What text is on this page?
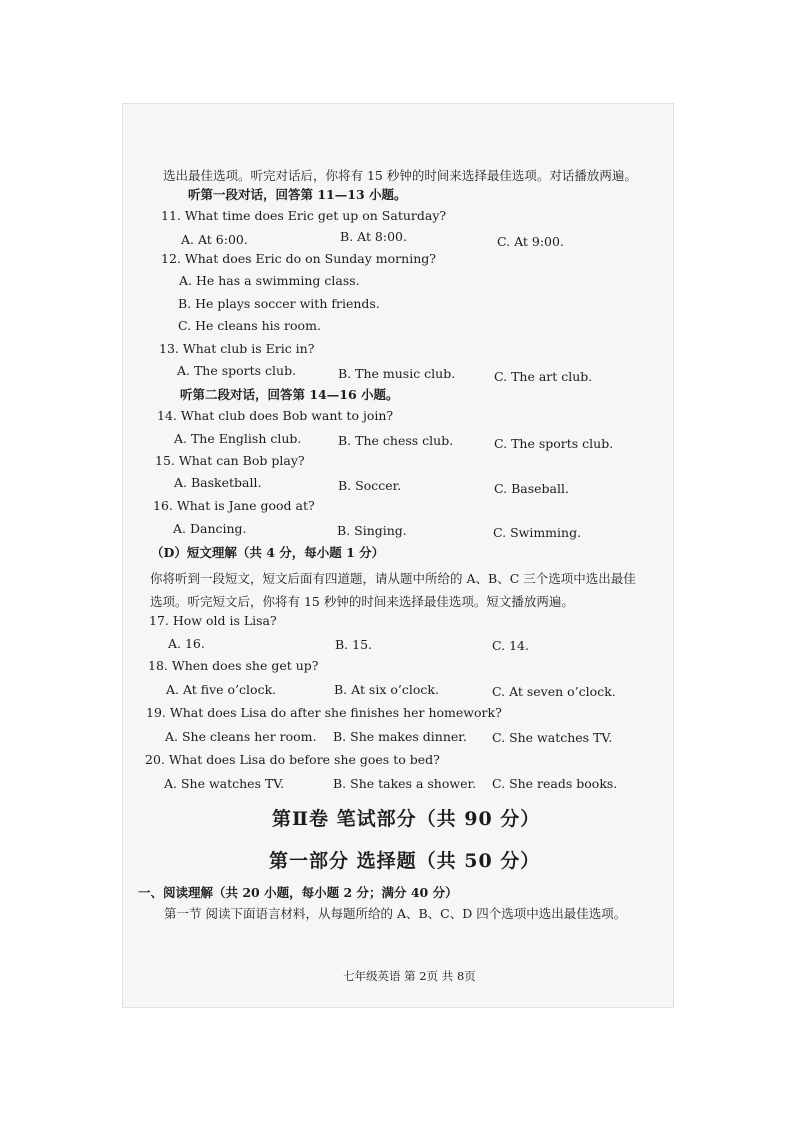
选出最佳选项。听完对话后，你将有 15 秒钟的时间来选择最佳选项。对话播放两遍。
听第一段对话，回答第 11—13 小题。
11. What time does Eric get up on Saturday?
A. At 6:00.	B. At 8:00.	C. At 9:00.
12. What does Eric do on Sunday morning?
A. He has a swimming class.
B. He plays soccer with friends.
C. He cleans his room.
13. What club is Eric in?
A. The sports club.	B. The music club.	C. The art club.
听第二段对话，回答第 14—16 小题。
14. What club does Bob want to join?
A. The English club.	B. The chess club.	C. The sports club.
15. What can Bob play?
A. Basketball.	B. Soccer.	C. Baseball.
16. What is Jane good at?
A. Dancing.	B. Singing.	C. Swimming.
（D）短文理解（共 4 分，每小题 1 分）
你将听到一段短文，短文后面有四道题，请从题中所给的 A、B、C 三个选项中选出最佳
选项。听完短文后，你将有 15 秒钟的时间来选择最佳选项。短文播放两遍。
17. How old is Lisa?
A. 16.	B. 15.	C. 14.
18. When does she get up?
A. At five o’clock.	B. At six o’clock.	C. At seven o’clock.
19. What does Lisa do after she finishes her homework?
A. She cleans her room. B. She makes dinner. C. She watches TV.
20. What does Lisa do before she goes to bed?
A. She watches TV.	B. She takes a shower. C. She reads books.
第Ⅱ卷 笔试部分（共 90 分）
第一部分 选择题（共 50 分）
一、阅读理解（共 20 小题，每小题 2 分；满分 40 分）
第一节 阅读下面语言材料，从每题所给的 A、B、C、D 四个选项中选出最佳选项。
七年级英语 第 2页 共 8页
